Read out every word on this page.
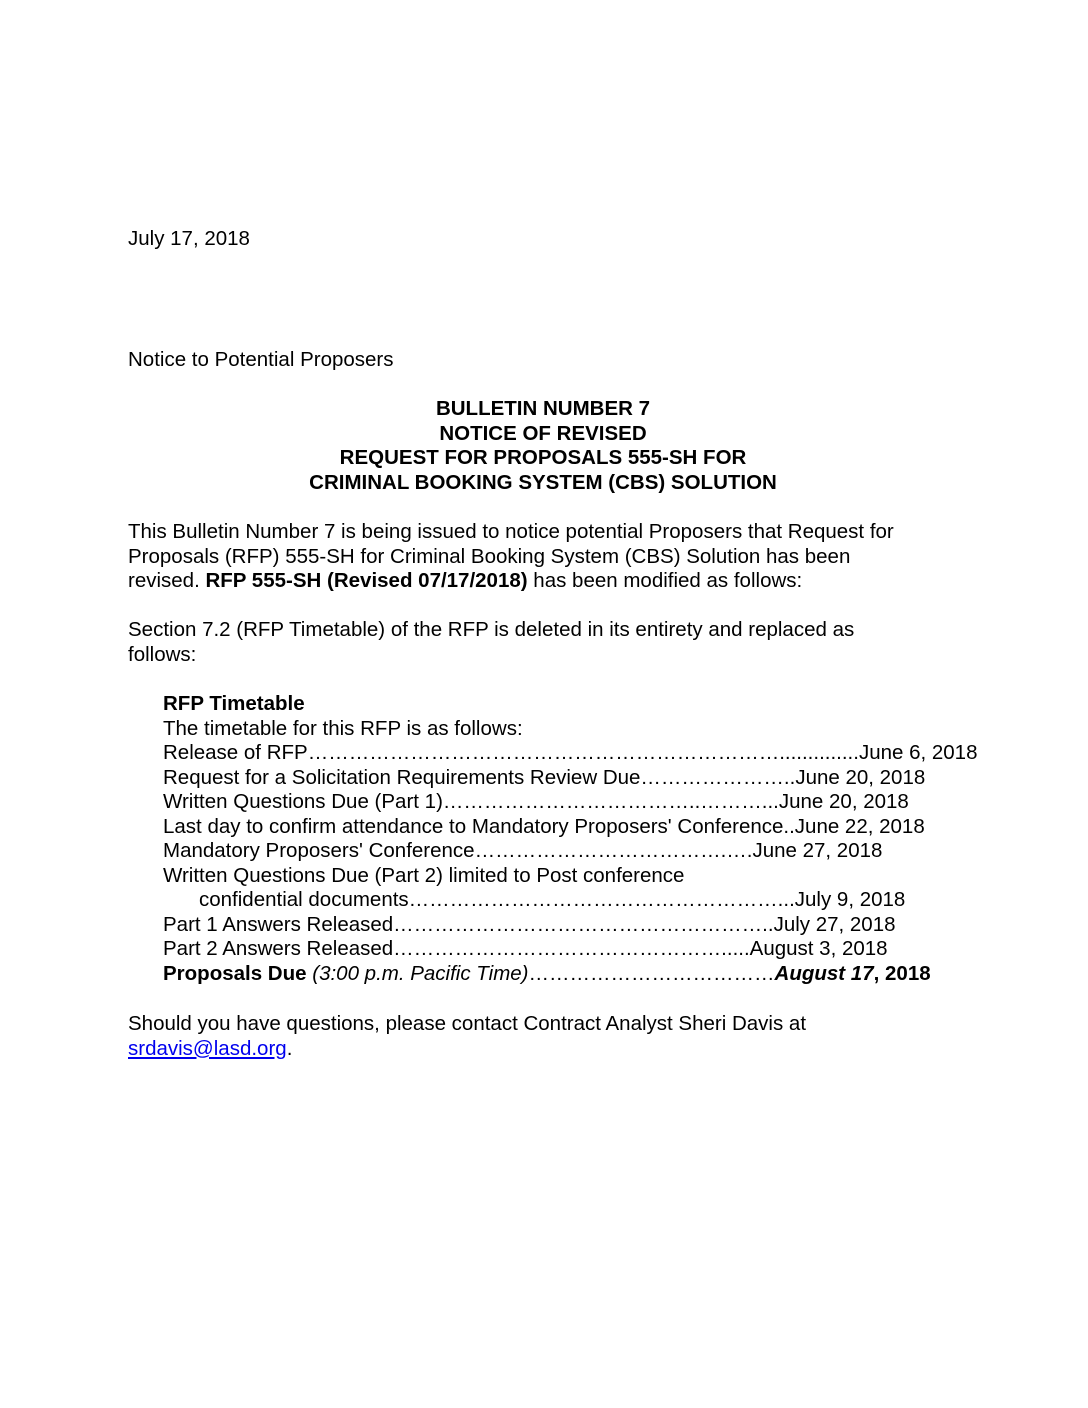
July 17, 2018
Notice to Potential Proposers
BULLETIN NUMBER 7
NOTICE OF REVISED
REQUEST FOR PROPOSALS 555-SH FOR
CRIMINAL BOOKING SYSTEM (CBS) SOLUTION
This Bulletin Number 7 is being issued to notice potential Proposers that Request for
Proposals (RFP) 555-SH for Criminal Booking System (CBS) Solution has been
revised. RFP 555-SH (Revised 07/17/2018) has been modified as follows:
Section 7.2 (RFP Timetable) of the RFP is deleted in its entirety and replaced as
follows:
RFP Timetable
The timetable for this RFP is as follows:
Release of RFP……………………………………………………………..............June 6, 2018
Request for a Solicitation Requirements Review Due…………………..June 20, 2018
Written Questions Due (Part 1)………………………………..………...June 20, 2018
Last day to confirm attendance to Mandatory Proposers' Conference..June 22, 2018
Mandatory Proposers' Conference……………………………….….June 27, 2018
Written Questions Due (Part 2) limited to Post conference
confidential documents………………………………………………...July 9, 2018
Part 1 Answers Released………………………………………………..July 27, 2018
Part 2 Answers Released………………………………………….....August 3, 2018
Proposals Due (3:00 p.m. Pacific Time)………………………………August 17, 2018
Should you have questions, please contact Contract Analyst Sheri Davis at
srdavis@lasd.org.
